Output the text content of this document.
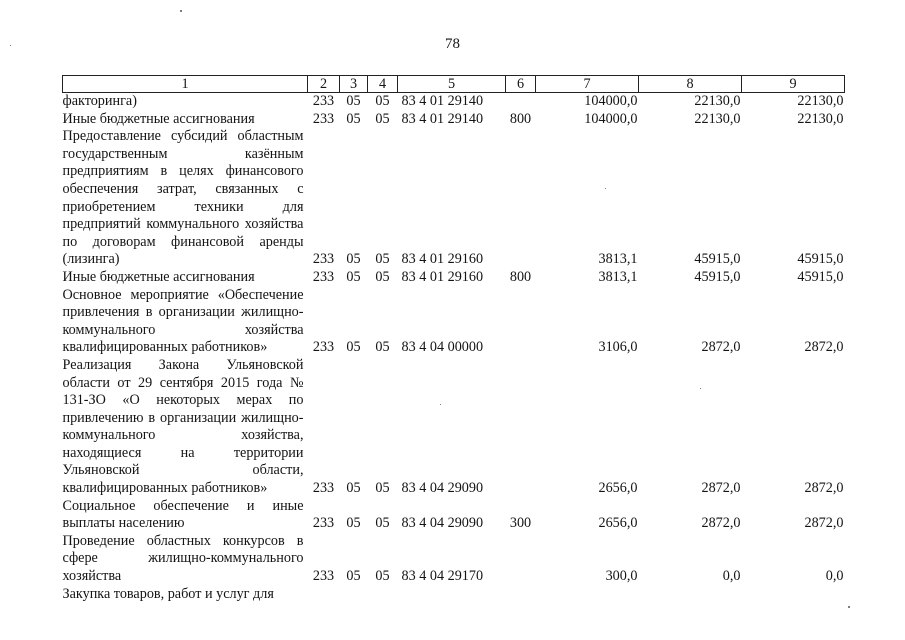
78
1	2	3	4	5	6	7	8	9
факторинга)	233	05	05	83 4 01 29140		104000,0	22130,0	22130,0
Иные бюджетные ассигнования	233	05	05	83 4 01 29140	800	104000,0	22130,0	22130,0
Предоставление субсидий областным государственным казённым предприятиям в целях финансового обеспечения затрат, связанных с приобретением техники для предприятий коммунального хозяйства по договорам финансовой аренды (лизинга)	233	05	05	83 4 01 29160		3813,1	45915,0	45915,0
Иные бюджетные ассигнования	233	05	05	83 4 01 29160	800	3813,1	45915,0	45915,0
Основное мероприятие «Обеспечение привлечения в организации жилищно-коммунального хозяйства квалифицированных работников»	233	05	05	83 4 04 00000		3106,0	2872,0	2872,0
Реализация Закона Ульяновской области от 29 сентября 2015 года № 131-ЗО «О некоторых мерах по привлечению в организации жилищно-коммунального хозяйства, находящиеся на территории Ульяновской области, квалифицированных работников»	233	05	05	83 4 04 29090		2656,0	2872,0	2872,0
Социальное обеспечение и иные выплаты населению	233	05	05	83 4 04 29090	300	2656,0	2872,0	2872,0
Проведение областных конкурсов в сфере жилищно-коммунального хозяйства	233	05	05	83 4 04 29170		300,0	0,0	0,0
Закупка товаров, работ и услуг для								
